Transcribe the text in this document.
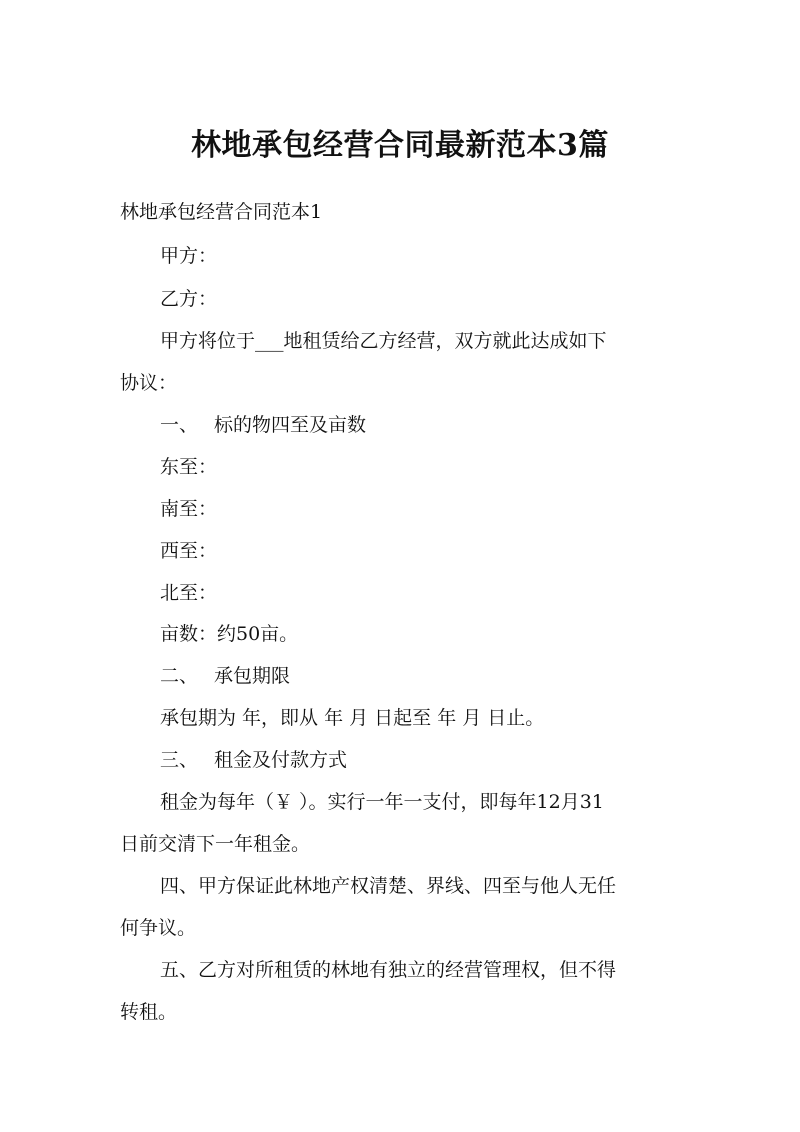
林地承包经营合同最新范本3篇
林地承包经营合同范本1
甲方：
乙方：
甲方将位于___地租赁给乙方经营，双方就此达成如下
协议：
一、 标的物四至及亩数
东至：
南至：
西至：
北至：
亩数：约50亩。
二、 承包期限
承包期为 年，即从 年 月 日起至 年 月 日止。
三、 租金及付款方式
租金为每年（￥ ）。实行一年一支付，即每年12月31
日前交清下一年租金。
四、甲方保证此林地产权清楚、界线、四至与他人无任
何争议。
五、乙方对所租赁的林地有独立的经营管理权，但不得
转租。
